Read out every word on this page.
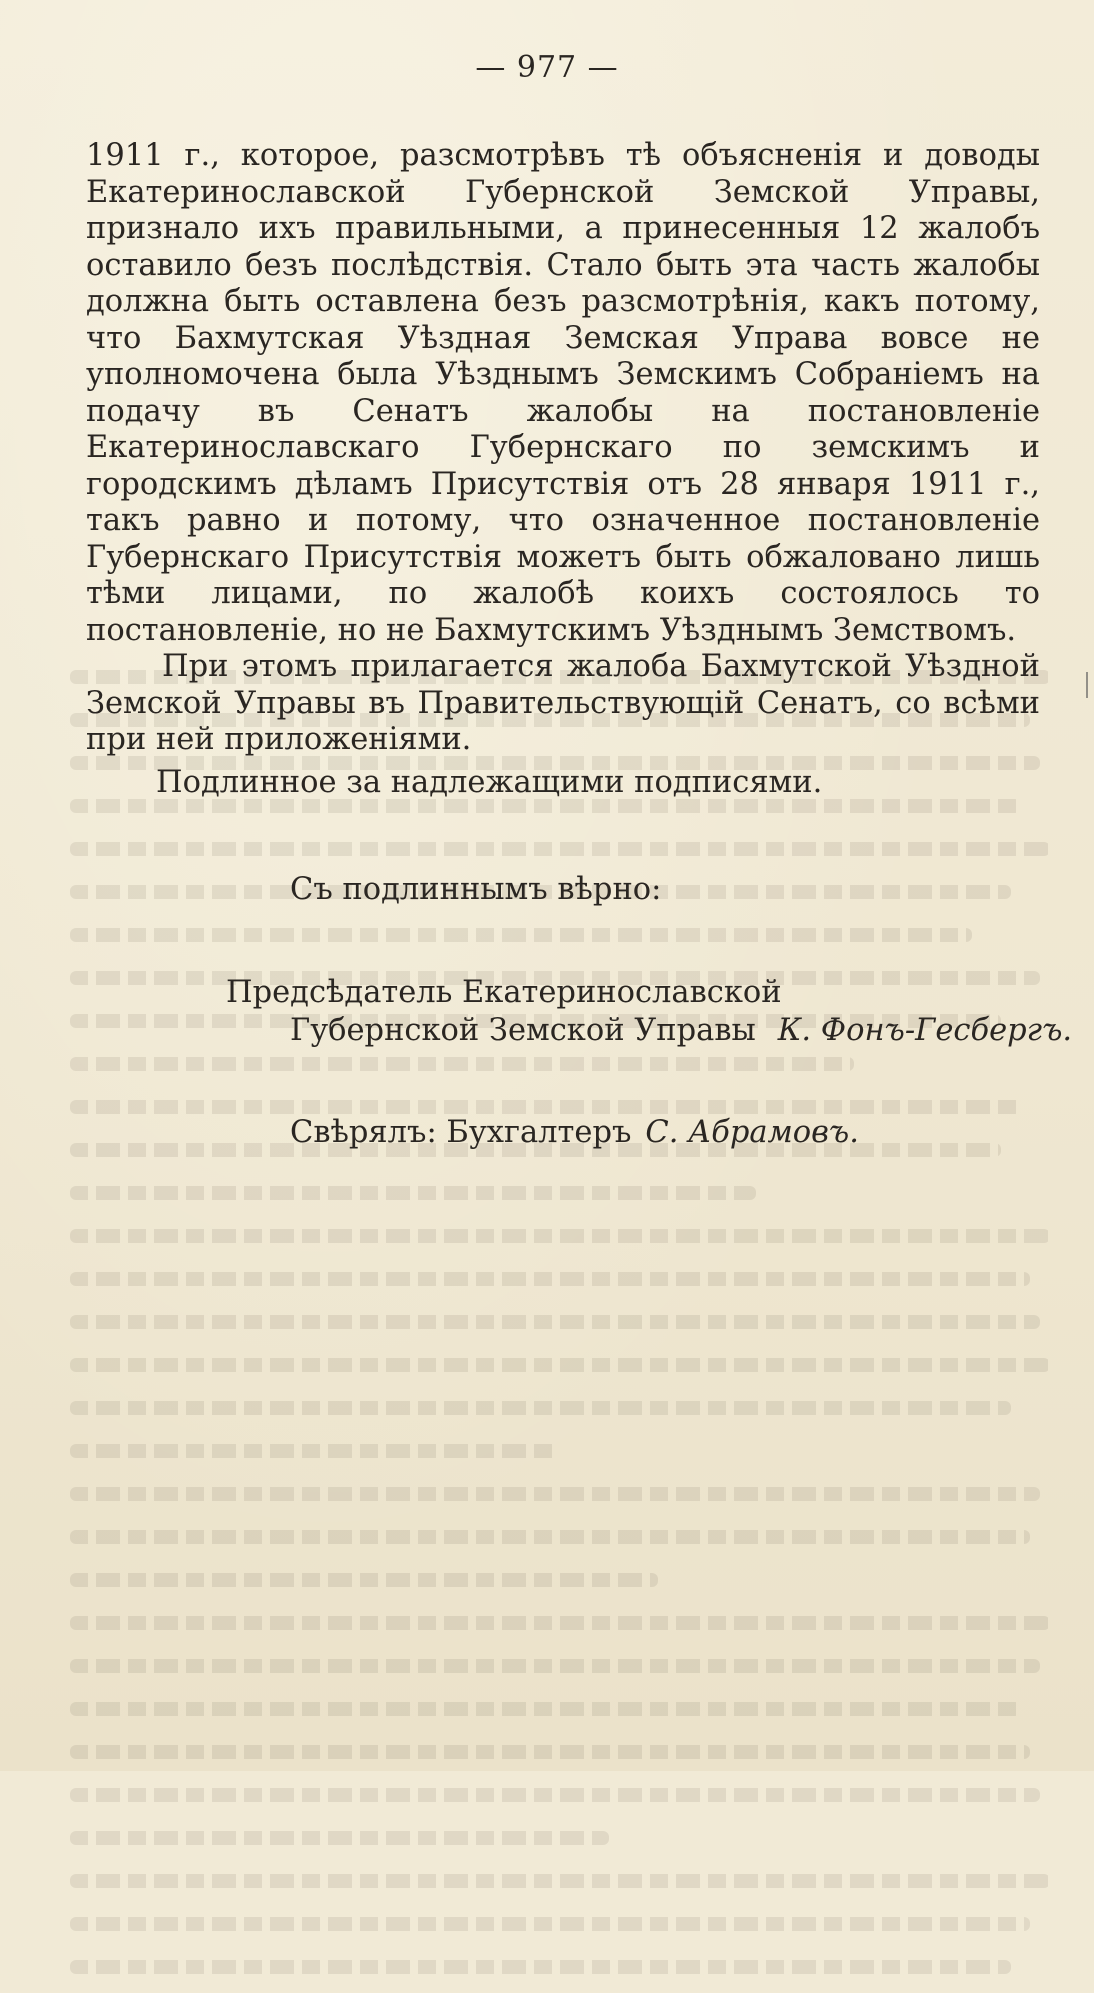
— 977 —

1911 г., которое, разсмотрѣвъ тѣ объясненія и доводы Екатеринославской Губернской Земской Управы, признало ихъ правильными, а принесенныя 12 жалобъ оставило безъ послѣдствія. Стало быть эта часть жалобы должна быть оставлена безъ разсмотрѣнія, какъ потому, что Бахмутская Уѣздная Земская Управа вовсе не уполномочена была Уѣзднымъ Земскимъ Собраніемъ на подачу въ Сенатъ жалобы на постановленіе Екатеринославскаго Губернскаго по земскимъ и городскимъ дѣламъ Присутствія отъ 28 января 1911 г., такъ равно и потому, что означенное постановленіе Губернскаго Присутствія можетъ быть обжаловано лишь тѣми лицами, по жалобѣ коихъ состоялось то постановленіе, но не Бахмутскимъ Уѣзднымъ Земствомъ.

При этомъ прилагается жалоба Бахмутской Уѣздной Земской Управы въ Правительствующій Сенатъ, со всѣми при ней приложеніями.

Подлинное за надлежащими подписями.
Съ подлиннымъ вѣрно:
Предсѣдатель Екатеринославской
Губернской Земской Управы К. Фонъ-Гесбергъ.
Свѣрялъ: Бухгалтеръ С. Абрамовъ.
